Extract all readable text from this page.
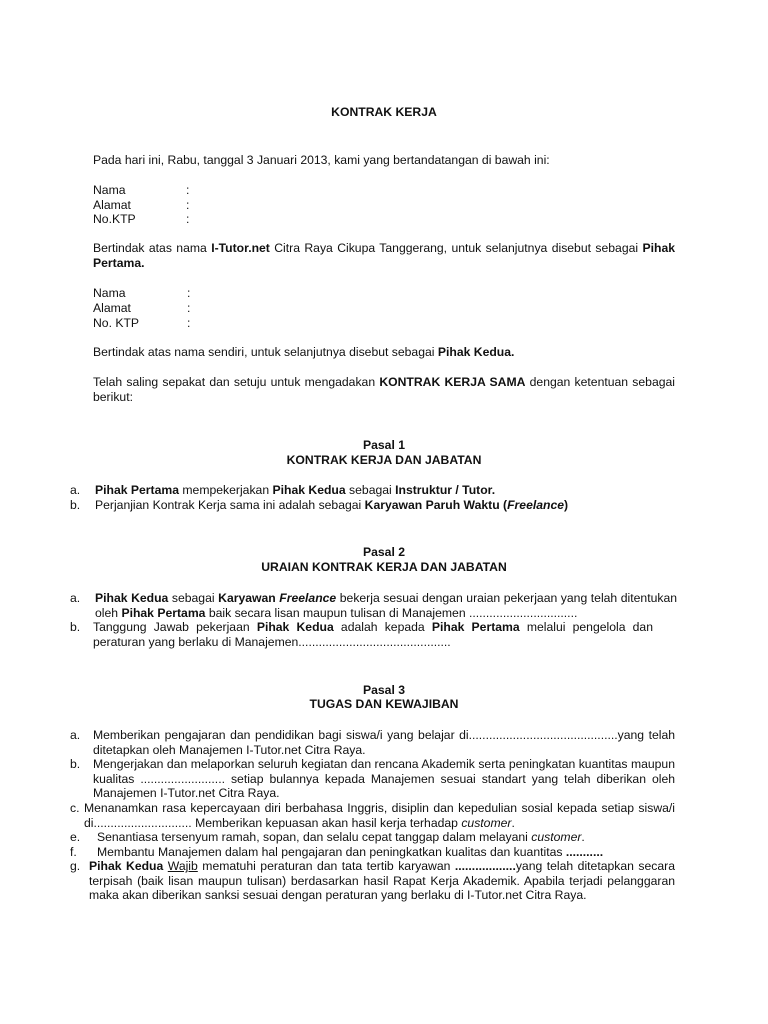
KONTRAK KERJA
Pada hari ini, Rabu, tanggal 3 Januari 2013, kami yang bertandatangan di bawah ini:
Nama	:
Alamat	:
No.KTP	:
Bertindak atas nama I-Tutor.net Citra Raya Cikupa Tanggerang, untuk selanjutnya disebut sebagai Pihak Pertama.
Nama	:
Alamat	:
No. KTP	:
Bertindak atas nama sendiri, untuk selanjutnya disebut sebagai Pihak Kedua.
Telah saling sepakat dan setuju untuk mengadakan KONTRAK KERJA SAMA dengan ketentuan sebagai berikut:
Pasal 1
KONTRAK KERJA DAN JABATAN
a. Pihak Pertama mempekerjakan Pihak Kedua sebagai Instruktur / Tutor.
b. Perjanjian Kontrak Kerja sama ini adalah sebagai Karyawan Paruh Waktu (Freelance)
Pasal 2
URAIAN KONTRAK KERJA DAN JABATAN
a. Pihak Kedua sebagai Karyawan Freelance bekerja sesuai dengan uraian pekerjaan yang telah ditentukan oleh Pihak Pertama baik secara lisan maupun tulisan di Manajemen ................................
b. Tanggung Jawab pekerjaan Pihak Kedua adalah kepada Pihak Pertama melalui pengelola dan peraturan yang berlaku di Manajemen.............................................
Pasal 3
TUGAS DAN KEWAJIBAN
a. Memberikan pengajaran dan pendidikan bagi siswa/i yang belajar di............................................yang telah ditetapkan oleh Manajemen I-Tutor.net Citra Raya.
b. Mengerjakan dan melaporkan seluruh kegiatan dan rencana Akademik serta peningkatan kuantitas maupun kualitas ......................... setiap bulannya kepada Manajemen sesuai standart yang telah diberikan oleh Manajemen I-Tutor.net Citra Raya.
c. Menanamkan rasa kepercayaan diri berbahasa Inggris, disiplin dan kepedulian sosial kepada setiap siswa/i di............................. Memberikan kepuasan akan hasil kerja terhadap customer.
e. Senantiasa tersenyum ramah, sopan, dan selalu cepat tanggap dalam melayani customer.
f. Membantu Manajemen dalam hal pengajaran dan peningkatkan kualitas dan kuantitas ...........
g. Pihak Kedua Wajib mematuhi peraturan dan tata tertib karyawan ..................yang telah ditetapkan secara terpisah (baik lisan maupun tulisan) berdasarkan hasil Rapat Kerja Akademik. Apabila terjadi pelanggaran maka akan diberikan sanksi sesuai dengan peraturan yang berlaku di I-Tutor.net Citra Raya.
